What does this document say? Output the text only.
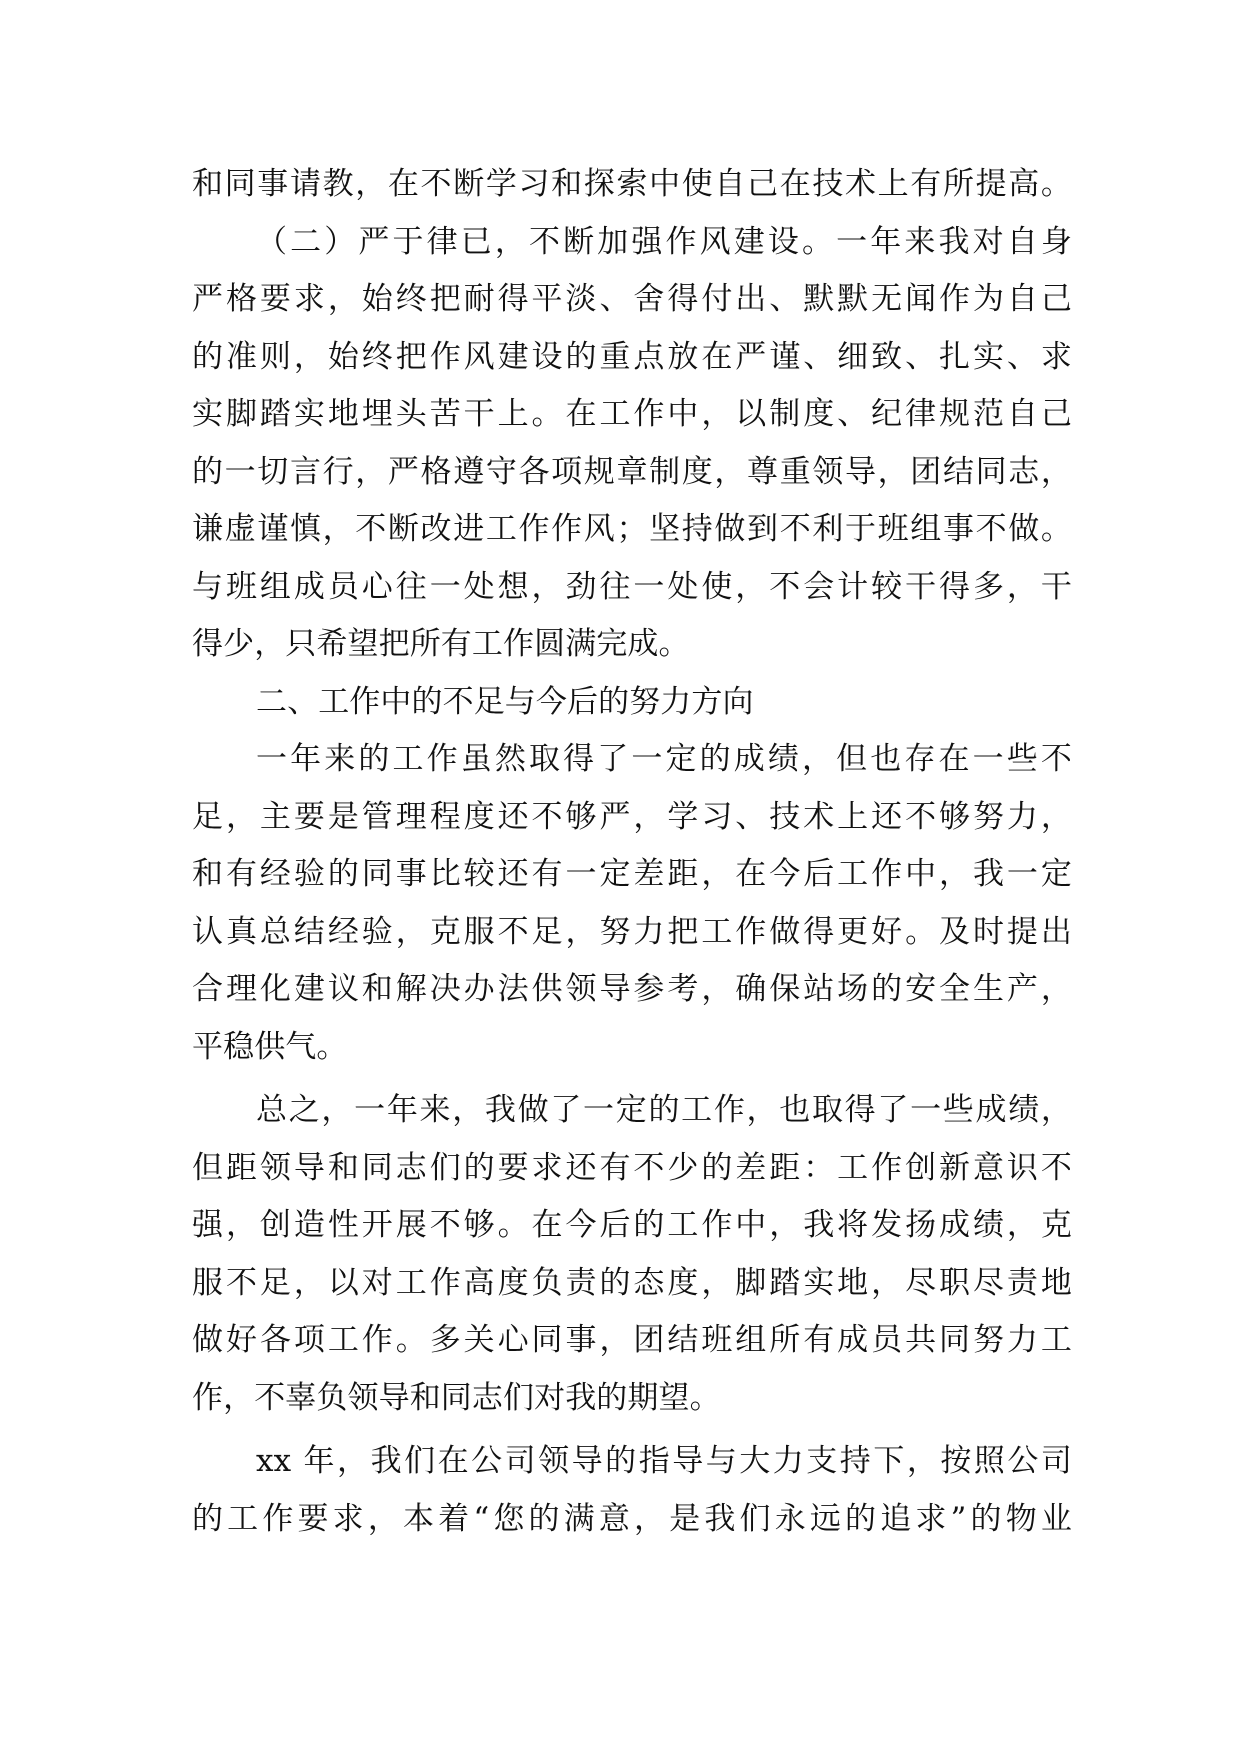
和同事请教，在不断学习和探索中使自己在技术上有所提高。
（二）严于律已，不断加强作风建设。一年来我对自身
严格要求，始终把耐得平淡、舍得付出、默默无闻作为自己
的准则，始终把作风建设的重点放在严谨、细致、扎实、求
实脚踏实地埋头苦干上。在工作中，以制度、纪律规范自己
的一切言行，严格遵守各项规章制度，尊重领导，团结同志，
谦虚谨慎，不断改进工作作风；坚持做到不利于班组事不做。
与班组成员心往一处想，劲往一处使，不会计较干得多，干
得少，只希望把所有工作圆满完成。
二、工作中的不足与今后的努力方向
一年来的工作虽然取得了一定的成绩，但也存在一些不
足，主要是管理程度还不够严，学习、技术上还不够努力，
和有经验的同事比较还有一定差距，在今后工作中，我一定
认真总结经验，克服不足，努力把工作做得更好。及时提出
合理化建议和解决办法供领导参考，确保站场的安全生产，
平稳供气。
总之，一年来，我做了一定的工作，也取得了一些成绩，
但距领导和同志们的要求还有不少的差距：工作创新意识不
强，创造性开展不够。在今后的工作中，我将发扬成绩，克
服不足，以对工作高度负责的态度，脚踏实地，尽职尽责地
做好各项工作。多关心同事，团结班组所有成员共同努力工
作，不辜负领导和同志们对我的期望。
xx 年，我们在公司领导的指导与大力支持下，按照公司
的工作要求，本着“您的满意，是我们永远的追求”的物业
